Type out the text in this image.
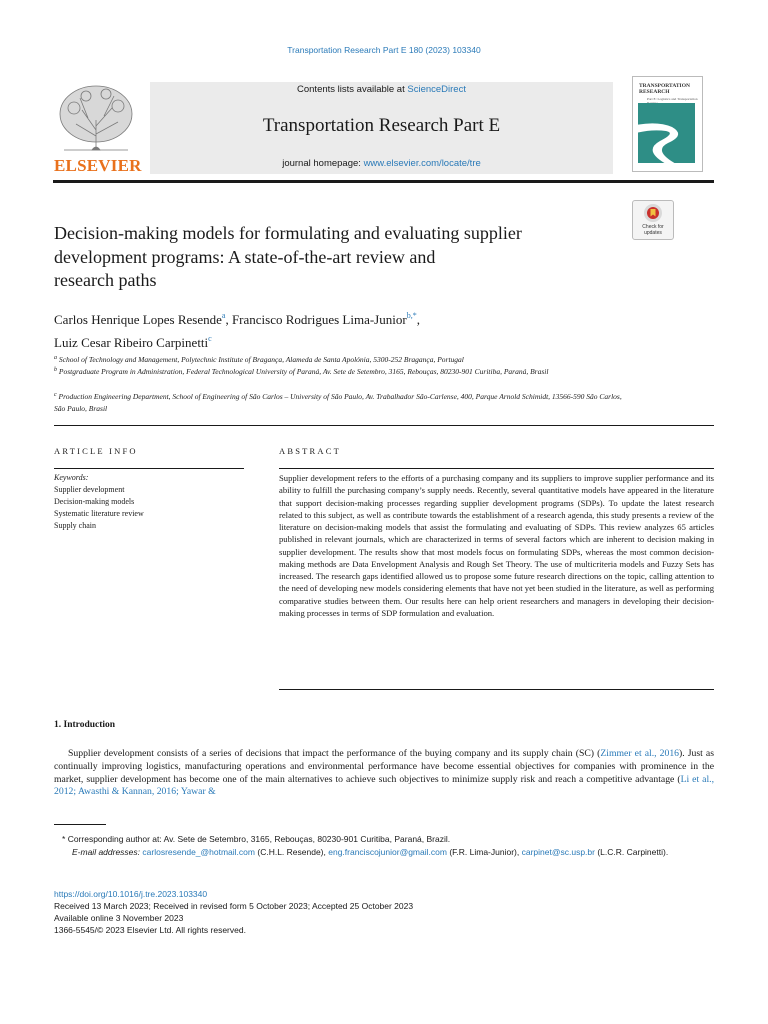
Transportation Research Part E 180 (2023) 103340
ELSEVIER
Contents lists available at ScienceDirect
Transportation Research Part E
journal homepage: www.elsevier.com/locate/tre
TRANSPORTATION
RESEARCH
Part E: Logistics and Transportation
Check for updates
Decision-making models for formulating and evaluating supplier
development programs: A state-of-the-art review and
research paths
Carlos Henrique Lopes Resende$^a$, Francisco Rodrigues Lima-Junior$^{b,*}$,
Luiz Cesar Ribeiro Carpinetti$^c$
$^a$ School of Technology and Management, Polytechnic Institute of Bragança, Alameda de Santa Apolónia, 5300-252 Bragança, Portugal
$^b$ Postgraduate Program in Administration, Federal Technological University of Paraná, Av. Sete de Setembro, 3165, Rebouças, 80230-901 Curitiba, Paraná, Brasil
$^c$ Production Engineering Department, School of Engineering of São Carlos – University of São Paulo, Av. Trabalhador São-Carlense, 400, Parque Arnold Schimidt, 13566-590 São Carlos, São Paulo, Brasil
ARTICLE INFO
Keywords:
Supplier development
Decision-making models
Systematic literature review
Supply chain
ABSTRACT
Supplier development refers to the efforts of a purchasing company and its suppliers to improve supplier performance and its ability to fulfill the purchasing company’s supply needs. Recently, several quantitative models have appeared in the literature that support decision-making processes regarding supplier development programs (SDPs). To update the latest research related to this subject, as well as contribute towards the establishment of a research agenda, this study presents a review of the literature on decision-making models that assist the formulating and evaluating of SDPs. This review analyzes 65 articles published in relevant journals, which are characterized in terms of several factors which are inherent to decision making in supplier development. The results show that most models focus on formulating SDPs, whereas the most common decision-making methods are Data Envelopment Analysis and Rough Set Theory. The use of multicriteria models and Fuzzy Sets has increased. The research gaps identified allowed us to propose some future research directions on the topic, calling attention to the need of developing new models considering elements that have not yet been studied in the literature, as well as performing comparative studies between them. Our results here can help orient researchers and managers in developing their decision-making processes in terms of SDP formulation and evaluation.
1. Introduction
Supplier development consists of a series of decisions that impact the performance of the buying company and its supply chain (SC) (Zimmer et al., 2016). Just as continually improving logistics, manufacturing operations and environmental performance have become essential objectives for companies with prominence in the market, supplier development has become one of the main alternatives to achieve such objectives to minimize supply risk and reach a competitive advantage (Li et al., 2012; Awasthi & Kannan, 2016; Yawar &
* Corresponding author at: Av. Sete de Setembro, 3165, Rebouças, 80230-901 Curitiba, Paraná, Brazil.
E-mail addresses: carlosresende_@hotmail.com (C.H.L. Resende), eng.franciscojunior@gmail.com (F.R. Lima-Junior), carpinet@sc.usp.br (L.C.R. Carpinetti).
https://doi.org/10.1016/j.tre.2023.103340
Received 13 March 2023; Received in revised form 5 October 2023; Accepted 25 October 2023
Available online 3 November 2023
1366-5545/© 2023 Elsevier Ltd. All rights reserved.
